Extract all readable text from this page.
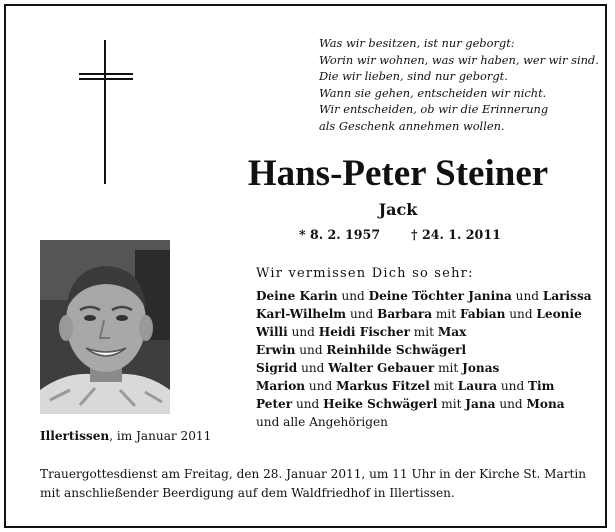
Was wir besitzen, ist nur geborgt:
Worin wir wohnen, was wir haben, wer wir sind.
Die wir lieben, sind nur geborgt.
Wann sie gehen, entscheiden wir nicht.
Wir entscheiden, ob wir die Erinnerung
als Geschenk annehmen wollen.
Hans-Peter Steiner
Jack
* 8. 2. 1957 † 24. 1. 2011
Wir vermissen Dich so sehr:
Deine Karin und Deine Töchter Janina und Larissa
Karl-Wilhelm und Barbara mit Fabian und Leonie
Willi und Heidi Fischer mit Max
Erwin und Reinhilde Schwägerl
Sigrid und Walter Gebauer mit Jonas
Marion und Markus Fitzel mit Laura und Tim
Peter und Heike Schwägerl mit Jana und Mona
und alle Angehörigen
Illertissen, im Januar 2011
Trauergottesdienst am Freitag, den 28. Januar 2011, um 11 Uhr in der Kirche St. Martin
mit anschließender Beerdigung auf dem Waldfriedhof in Illertissen.
